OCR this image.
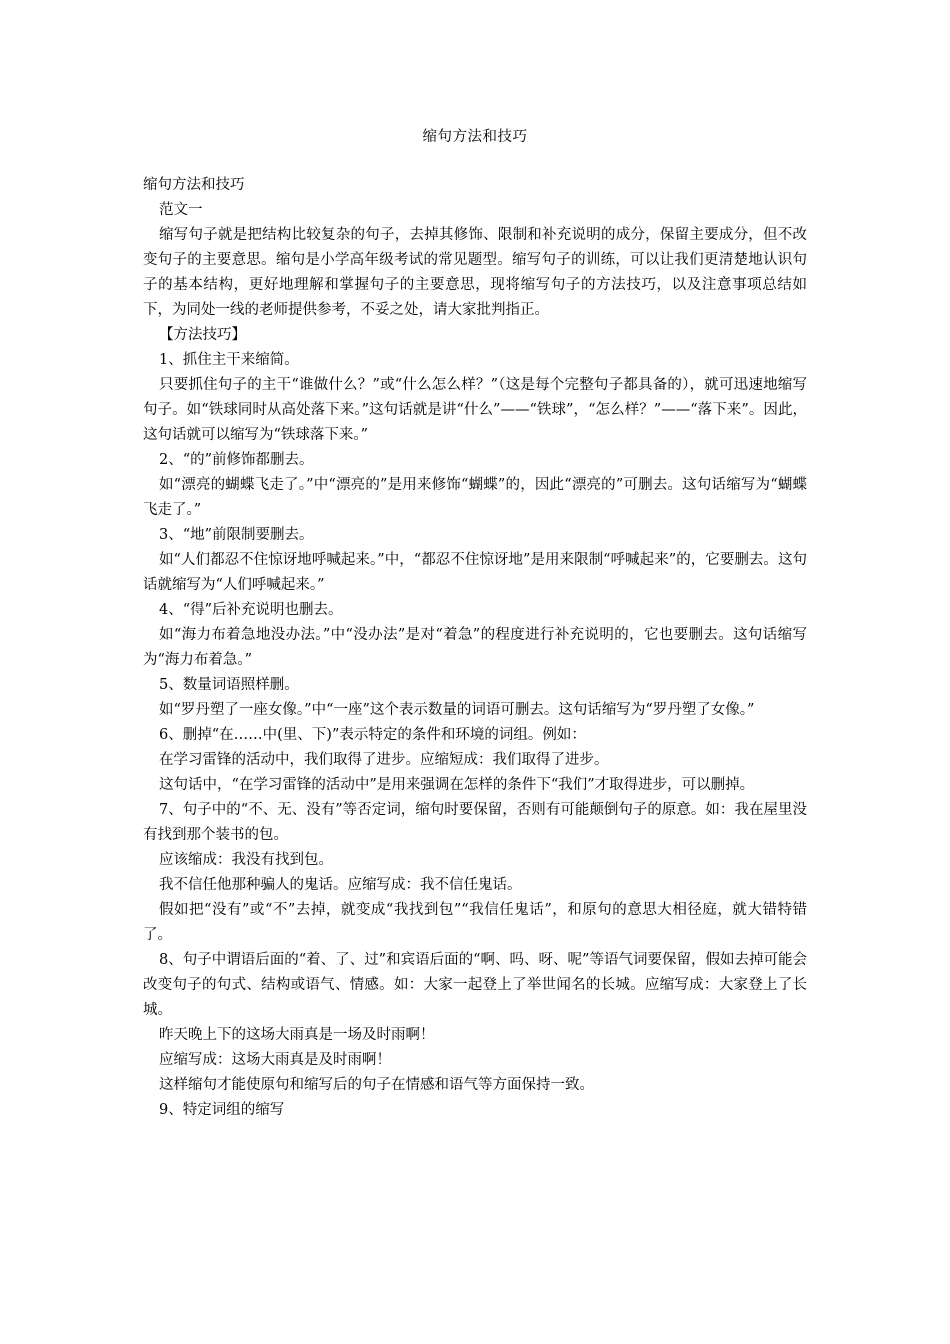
缩句方法和技巧

缩句方法和技巧

范文一

缩写句子就是把结构比较复杂的句子，去掉其修饰、限制和补充说明的成分，保留主要成分，但不改变句子的主要意思。缩句是小学高年级考试的常见题型。缩写句子的训练，可以让我们更清楚地认识句子的基本结构，更好地理解和掌握句子的主要意思，现将缩写句子的方法技巧，以及注意事项总结如下，为同处一线的老师提供参考，不妥之处，请大家批判指正。

【方法技巧】

1、抓住主干来缩简。

只要抓住句子的主干“谁做什么？”或“什么怎么样？”（这是每个完整句子都具备的），就可迅速地缩写句子。如“铁球同时从高处落下来。”这句话就是讲“什么”——“铁球”，“怎么样？”——“落下来”。因此，这句话就可以缩写为“铁球落下来。”

2、“的”前修饰都删去。

如“漂亮的蝴蝶飞走了。”中“漂亮的”是用来修饰“蝴蝶”的，因此“漂亮的”可删去。这句话缩写为“蝴蝶飞走了。”

3、“地”前限制要删去。

如“人们都忍不住惊讶地呼喊起来。”中，“都忍不住惊讶地”是用来限制“呼喊起来”的，它要删去。这句话就缩写为“人们呼喊起来。”

4、“得”后补充说明也删去。

如“海力布着急地没办法。”中“没办法”是对“着急”的程度进行补充说明的，它也要删去。这句话缩写为“海力布着急。”

5、数量词语照样删。

如“罗丹塑了一座女像。”中“一座”这个表示数量的词语可删去。这句话缩写为“罗丹塑了女像。”

6、删掉“在……中(里、下)”表示特定的条件和环境的词组。例如：

在学习雷锋的活动中，我们取得了进步。应缩短成：我们取得了进步。

这句话中，“在学习雷锋的活动中”是用来强调在怎样的条件下“我们”才取得进步，可以删掉。

7、句子中的“不、无、没有”等否定词，缩句时要保留，否则有可能颠倒句子的原意。如：我在屋里没有找到那个装书的包。

应该缩成：我没有找到包。

我不信任他那种骗人的鬼话。应缩写成：我不信任鬼话。

假如把“没有”或“不”去掉，就变成“我找到包”“我信任鬼话”，和原句的意思大相径庭，就大错特错了。

8、句子中谓语后面的“着、了、过”和宾语后面的“啊、吗、呀、呢”等语气词要保留，假如去掉可能会改变句子的句式、结构或语气、情感。如：大家一起登上了举世闻名的长城。应缩写成：大家登上了长城。

昨天晚上下的这场大雨真是一场及时雨啊！

应缩写成：这场大雨真是及时雨啊！

这样缩句才能使原句和缩写后的句子在情感和语气等方面保持一致。

9、特定词组的缩写
